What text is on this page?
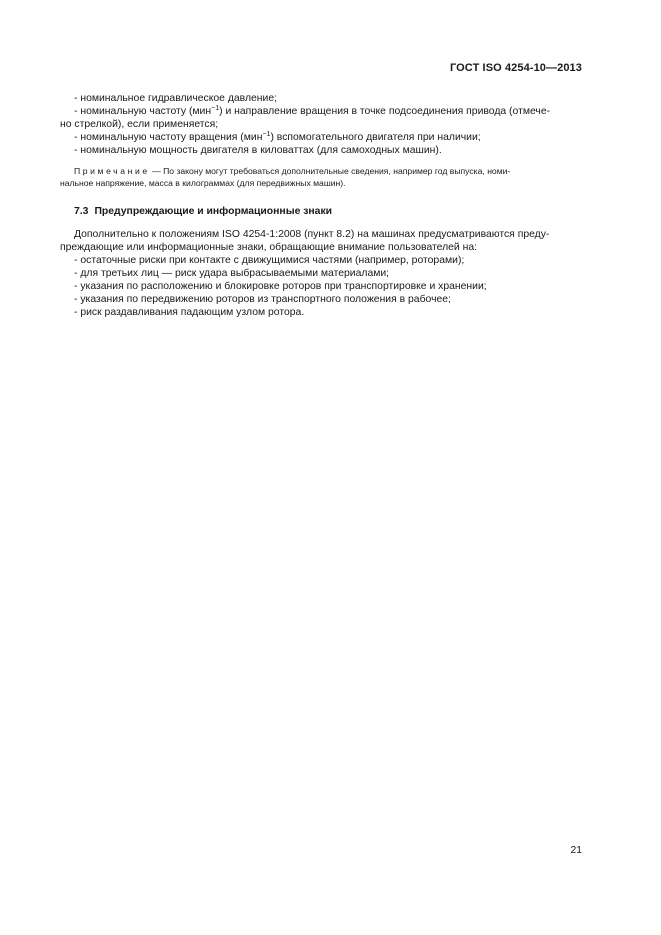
ГОСТ ISO 4254-10—2013
- номинальное гидравлическое давление;
- номинальную частоту (мин$^{-1}$) и направление вращения в точке подсоединения привода (отмече-
но стрелкой), если применяется;
- номинальную частоту вращения (мин$^{-1}$) вспомогательного двигателя при наличии;
- номинальную мощность двигателя в киловаттах (для самоходных машин).
Примечание — По закону могут требоваться дополнительные сведения, например год выпуска, номи-
нальное напряжение, масса в килограммах (для передвижных машин).
7.3 Предупреждающие и информационные знаки
Дополнительно к положениям ISO 4254-1:2008 (пункт 8.2) на машинах предусматриваются преду-
преждающие или информационные знаки, обращающие внимание пользователей на:
- остаточные риски при контакте с движущимися частями (например, роторами);
- для третьих лиц — риск удара выбрасываемыми материалами;
- указания по расположению и блокировке роторов при транспортировке и хранении;
- указания по передвижению роторов из транспортного положения в рабочее;
- риск раздавливания падающим узлом ротора.
21
